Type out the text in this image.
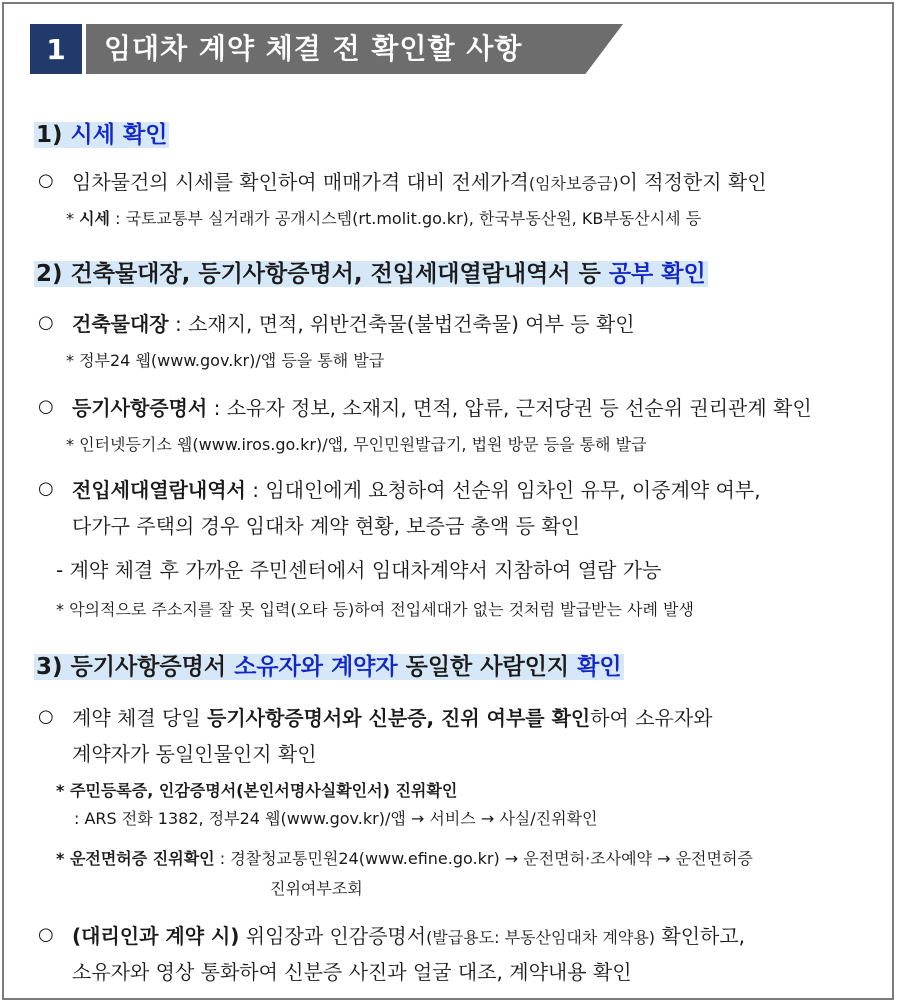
1	임대차 계약 체결 전 확인할 사항
1) 시세 확인
○ 임차물건의 시세를 확인하여 매매가격 대비 전세가격(임차보증금)이 적정한지 확인
* 시세 : 국토교통부 실거래가 공개시스템(rt.molit.go.kr), 한국부동산원, KB부동산시세 등
2) 건축물대장, 등기사항증명서, 전입세대열람내역서 등 공부 확인
○ 건축물대장 : 소재지, 면적, 위반건축물(불법건축물) 여부 등 확인
* 정부24 웹(www.gov.kr)/앱 등을 통해 발급
○ 등기사항증명서 : 소유자 정보, 소재지, 면적, 압류, 근저당권 등 선순위 권리관계 확인
* 인터넷등기소 웹(www.iros.go.kr)/앱, 무인민원발급기, 법원 방문 등을 통해 발급
○ 전입세대열람내역서 : 임대인에게 요청하여 선순위 임차인 유무, 이중계약 여부,
다가구 주택의 경우 임대차 계약 현황, 보증금 총액 등 확인
- 계약 체결 후 가까운 주민센터에서 임대차계약서 지참하여 열람 가능
* 악의적으로 주소지를 잘 못 입력(오타 등)하여 전입세대가 없는 것처럼 발급받는 사례 발생
3) 등기사항증명서 소유자와 계약자 동일한 사람인지 확인
○ 계약 체결 당일 등기사항증명서와 신분증, 진위 여부를 확인하여 소유자와
계약자가 동일인물인지 확인
* 주민등록증, 인감증명서(본인서명사실확인서) 진위확인
: ARS 전화 1382, 정부24 웹(www.gov.kr)/앱 → 서비스 → 사실/진위확인
* 운전면허증 진위확인 : 경찰청교통민원24(www.efine.go.kr) → 운전면허·조사예약 → 운전면허증
진위여부조회
○ (대리인과 계약 시) 위임장과 인감증명서(발급용도: 부동산임대차 계약용) 확인하고,
소유자와 영상 통화하여 신분증 사진과 얼굴 대조, 계약내용 확인
